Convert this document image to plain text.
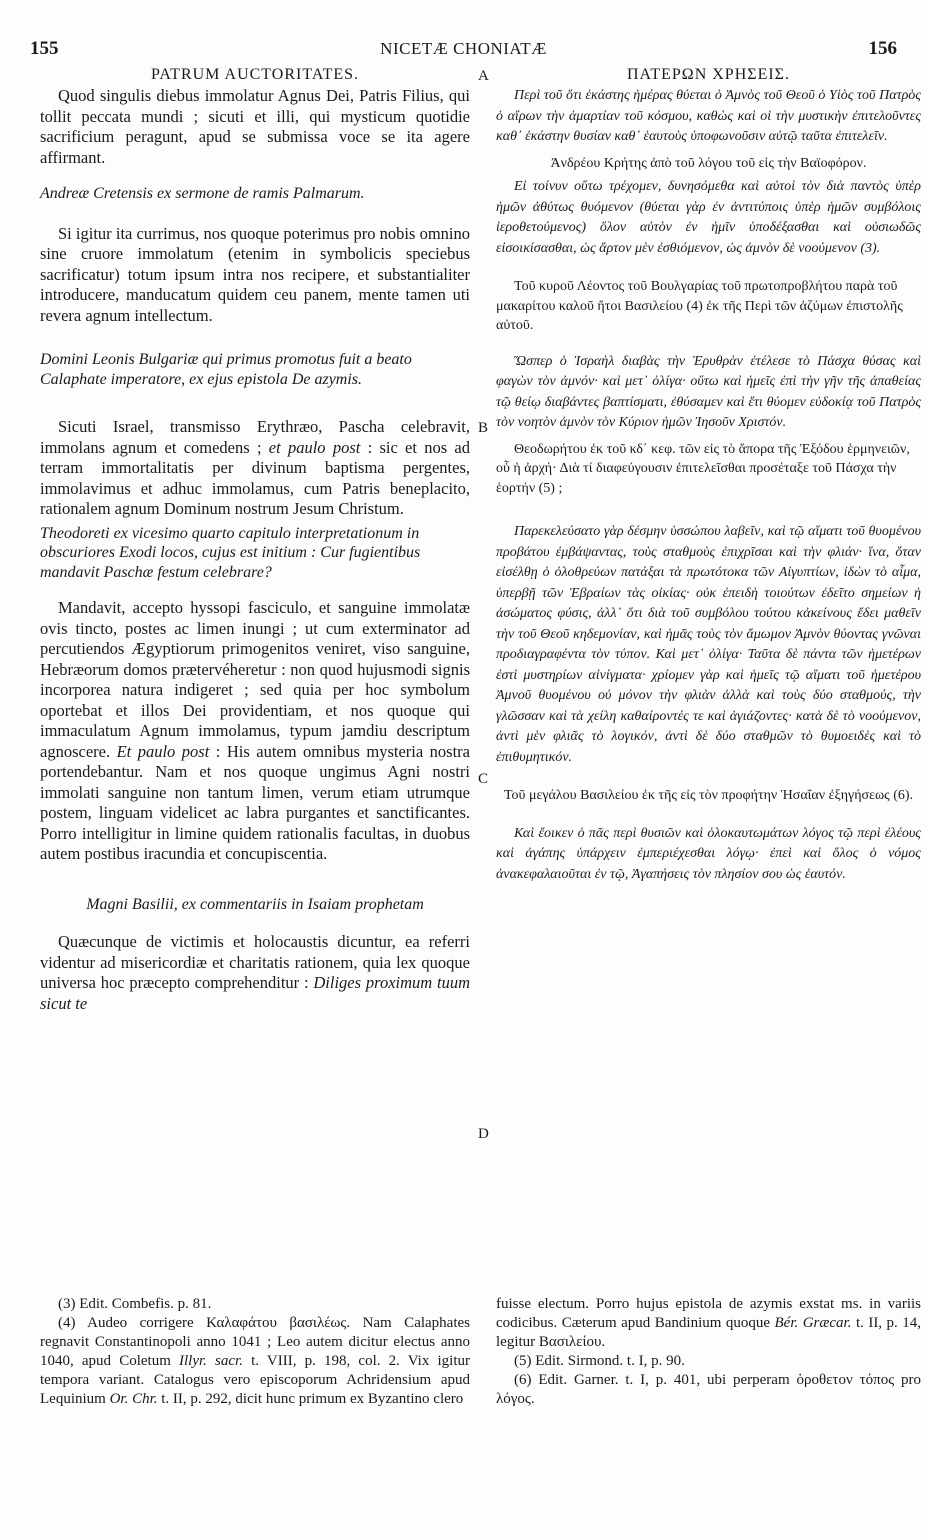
155	NICETÆ CHONIATÆ	156
A
B
C
D

PATRUM AUCTORITATES.

Quod singulis diebus immolatur Agnus Dei, Patris Filius, qui tollit peccata mundi ; sicuti et illi, qui mysticum quotidie sacrificium peragunt, apud se submissa voce se ita agere affirmant.

Andreæ Cretensis ex sermone de ramis Palmarum.

Si igitur ita currimus, nos quoque poterimus pro nobis omnino sine cruore immolatum (etenim in symbolicis speciebus sacrificatur) totum ipsum intra nos recipere, et substantialiter introducere, manducatum quidem ceu panem, mente tamen uti revera agnum intellectum.

Domini Leonis Bulgariæ qui primus promotus fuit a beato Calaphate imperatore, ex ejus epistola De azymis.

Sicuti Israel, transmisso Erythræo, Pascha celebravit, immolans agnum et comedens ; et paulo post : sic et nos ad terram immortalitatis per divinum baptisma pergentes, immolavimus et adhuc immolamus, cum Patris beneplacito, rationalem agnum Dominum nostrum Jesum Christum.

Theodoreti ex vicesimo quarto capitulo interpretationum in obscuriores Exodi locos, cujus est initium : Cur fugientibus mandavit Paschæ festum celebrare?

Mandavit, accepto hyssopi fasciculo, et sanguine immolatæ ovis tincto, postes ac limen inungi ; ut cum exterminator ad percutiendos Ægyptiorum primogenitos veniret, viso sanguine, Hebræorum domos prætervéheretur : non quod hujusmodi signis incorporea natura indigeret ; sed quia per hoc symbolum oportebat et illos Dei providentiam, et nos quoque qui immaculatum Agnum immolamus, typum jamdiu descriptum agnoscere. Et paulo post : His autem omnibus mysteria nostra portendebantur. Nam et nos quoque ungimus Agni nostri immolati sanguine non tantum limen, verum etiam utrumque postem, linguam videlicet ac labra purgantes et sanctificantes. Porro intelligitur in limine quidem rationalis facultas, in duobus autem postibus iracundia et concupiscentia.

Magni Basilii, ex commentariis in Isaiam prophetam

Quæcunque de victimis et holocaustis dicuntur, ea referri videntur ad misericordiæ et charitatis rationem, quia lex quoque universa hoc præcepto comprehenditur : Diliges proximum tuum sicut te

ΠΑΤΕΡΩΝ ΧΡΗΣΕΙΣ.

Περὶ τοῦ ὅτι ἑκάστης ἡμέρας θύεται ὁ Ἀμνὸς τοῦ Θεοῦ ὁ Υἱὸς τοῦ Πατρὸς ὁ αἴρων τὴν ἁμαρτίαν τοῦ κόσμου, καθὼς καὶ οἱ τὴν μυστικὴν ἐπιτελοῦντες καθ᾽ ἑκάστην θυσίαν καθ᾽ ἑαυτοὺς ὑποφωνοῦσιν αὐτῷ ταῦτα ἐπιτελεῖν.

Ἀνδρέου Κρήτης ἀπὸ τοῦ λόγου τοῦ εἰς τὴν Βαϊοφόρον.

Εἰ τοίνυν οὕτω τρέχομεν, δυνησόμεθα καὶ αὐτοὶ τὸν διὰ παντὸς ὑπὲρ ἡμῶν ἀθύτως θυόμενον (θύεται γὰρ ἐν ἀντιτύποις ὑπὲρ ἡμῶν συμβόλοις ἱεροθετούμενος) ὅλον αὐτὸν ἐν ἡμῖν ὑποδέξασθαι καὶ οὐσιωδῶς εἰσοικίσασθαι, ὡς ἄρτον μὲν ἐσθιόμενον, ὡς ἀμνὸν δὲ νοούμενον (3).

Τοῦ κυροῦ Λέοντος τοῦ Βουλγαρίας τοῦ πρωτοπροβλήτου παρὰ τοῦ μακαρίτου καλοῦ ἤτοι Βασιλείου (4) ἐκ τῆς Περὶ τῶν ἀζύμων ἐπιστολῆς αὐτοῦ.

Ὥσπερ ὁ Ἰσραὴλ διαβὰς τὴν Ἐρυθρὰν ἐτέλεσε τὸ Πάσχα θύσας καὶ φαγὼν τὸν ἀμνόν· καὶ μετ᾽ ὀλίγα· οὕτω καὶ ἡμεῖς ἐπὶ τὴν γῆν τῆς ἀπαθείας τῷ θείῳ διαβάντες βαπτίσματι, ἐθύσαμεν καὶ ἔτι θύομεν εὐδοκίᾳ τοῦ Πατρὸς τὸν νοητὸν ἀμνὸν τὸν Κύριον ἡμῶν Ἰησοῦν Χριστόν.

Θεοδωρήτου ἐκ τοῦ κδ΄ κεφ. τῶν εἰς τὸ ἄπορα τῆς Ἐξόδου ἑρμηνειῶν, οὗ ἡ ἀρχή· Διὰ τί διαφεύγουσιν ἐπιτελεῖσθαι προσέταξε τοῦ Πάσχα τὴν ἑορτήν (5) ;

Παρεκελεύσατο γὰρ δέσμην ὑσσώπου λαβεῖν, καὶ τῷ αἵματι τοῦ θυομένου προβάτου ἐμβάψαντας, τοὺς σταθμοὺς ἐπιχρῖσαι καὶ τὴν φλιάν· ἵνα, ὅταν εἰσέλθῃ ὁ ὀλοθρεύων πατάξαι τὰ πρωτότοκα τῶν Αἰγυπτίων, ἰδὼν τὸ αἷμα, ὑπερβῇ τῶν Ἑβραίων τὰς οἰκίας· οὐκ ἐπειδὴ τοιούτων ἐδεῖτο σημείων ἡ ἀσώματος φύσις, ἀλλ᾽ ὅτι διὰ τοῦ συμβόλου τούτου κἀκείνους ἔδει μαθεῖν τὴν τοῦ Θεοῦ κηδεμονίαν, καὶ ἡμᾶς τοὺς τὸν ἄμωμον Ἀμνὸν θύοντας γνῶναι προδιαγραφέντα τὸν τύπον. Καὶ μετ᾽ ὀλίγα· Ταῦτα δὲ πάντα τῶν ἡμετέρων ἐστὶ μυστηρίων αἰνίγματα· χρίομεν γὰρ καὶ ἡμεῖς τῷ αἵματι τοῦ ἡμετέρου Ἀμνοῦ θυομένου οὐ μόνον τὴν φλιὰν ἀλλὰ καὶ τοὺς δύο σταθμούς, τὴν γλῶσσαν καὶ τὰ χείλη καθαίροντές τε καὶ ἁγιάζοντες· κατὰ δὲ τὸ νοούμενον, ἀντὶ μὲν φλιᾶς τὸ λογικόν, ἀντὶ δὲ δύο σταθμῶν τὸ θυμοειδὲς καὶ τὸ ἐπιθυμητικόν.

Τοῦ μεγάλου Βασιλείου ἐκ τῆς εἰς τὸν προφήτην Ἡσαΐαν ἐξηγήσεως (6).

Καὶ ἔοικεν ὁ πᾶς περὶ θυσιῶν καὶ ὁλοκαυτωμάτων λόγος τῷ περὶ ἐλέους καὶ ἀγάπης ὑπάρχειν ἐμπεριέχεσθαι λόγῳ· ἐπεὶ καὶ ὅλος ὁ νόμος ἀνακεφαλαιοῦται ἐν τῷ, Ἀγαπήσεις τὸν πλησίον σου ὡς ἑαυτόν.

(3) Edit. Combefis. p. 81.

(4) Audeo corrigere Καλαφάτου βασιλέως. Nam Calaphates regnavit Constantinopoli anno 1041 ; Leo autem dicitur electus anno 1040, apud Coletum Illyr. sacr. t. VIII, p. 198, col. 2. Vix igitur tempora variant. Catalogus vero episcoporum Achridensium apud Lequinium Or. Chr. t. II, p. 292, dicit hunc primum ex Byzantino clero

fuisse electum. Porro hujus epistola de azymis exstat ms. in variis codicibus. Cæterum apud Bandinium quoque Bér. Græcar. t. II, p. 14, legitur Βασιλείου.

(5) Edit. Sirmond. t. I, p. 90.

(6) Edit. Garner. t. I, p. 401, ubi perperam ὁροθετον τόπος pro λόγος.
